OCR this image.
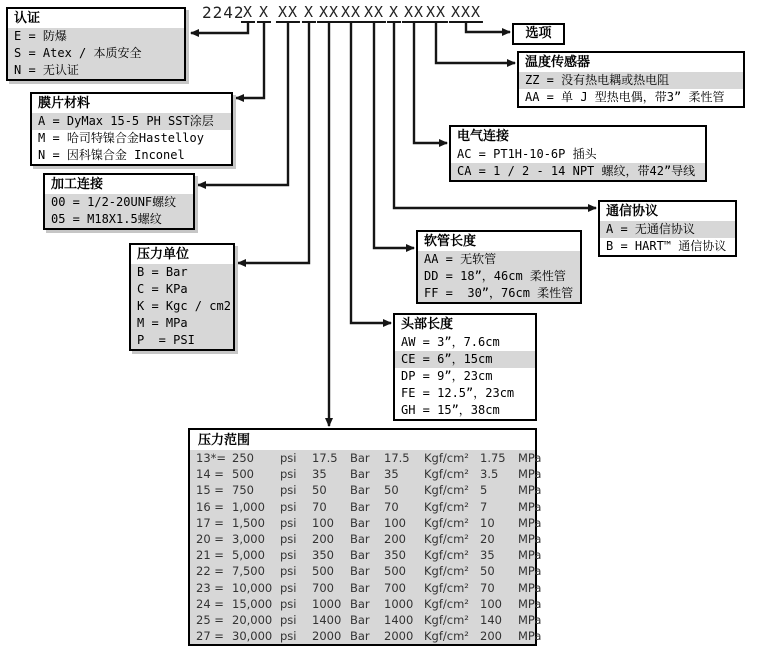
2242
X X XX X XX XX XX X XX XX XXX
认证
E = 防爆
S = Atex / 本质安全
N = 无认证
膜片材料
A = DyMax 15-5 PH SST涂层
M = 哈司特镍合金Hastelloy
N = 因科镍合金 Inconel
加工连接
00 = 1/2-20UNF螺纹
05 = M18X1.5螺纹
压力单位
B = Bar
C = KPa
K = Kgc / cm2
M = MPa
P  = PSI
压力范围
13*= 250	psi	17.5	Bar	17.5	Kgf/cm² 1.75	MPa
14 = 500	psi	35	Bar	35	Kgf/cm² 3.5	MPa
15 = 750	psi	50	Bar	50	Kgf/cm² 5	MPa
16 = 1,000	psi	70	Bar	70	Kgf/cm² 7	MPa
17 = 1,500	psi	100	Bar	100	Kgf/cm² 10	MPa
20 = 3,000	psi	200	Bar	200	Kgf/cm² 20	MPa
21 = 5,000	psi	350	Bar	350	Kgf/cm² 35	MPa
22 = 7,500	psi	500	Bar	500	Kgf/cm² 50	MPa
23 = 10,000 psi	700	Bar	700	Kgf/cm² 70	MPa
24 = 15,000 psi	1000 Bar	1000 Kgf/cm² 100	MPa
25 = 20,000 psi	1400 Bar	1400 Kgf/cm² 140	MPa
27 = 30,000 psi	2000 Bar	2000 Kgf/cm² 200	MPa
头部长度
AW = 3”，7.6cm
CE = 6”，15cm
DP = 9”，23cm
FE = 12.5”，23cm
GH = 15”，38cm
软管长度
AA = 无软管
DD = 18”，46cm 柔性管
FF =  30”，76cm 柔性管
通信协议
A = 无通信协议
B = HART™ 通信协议
电气连接
AC = PT1H-10-6P 插头
CA = 1 / 2 - 14 NPT 螺纹，带42”导线
温度传感器
ZZ = 没有热电耦或热电阻
AA = 单 J 型热电偶，带3” 柔性管
选项
